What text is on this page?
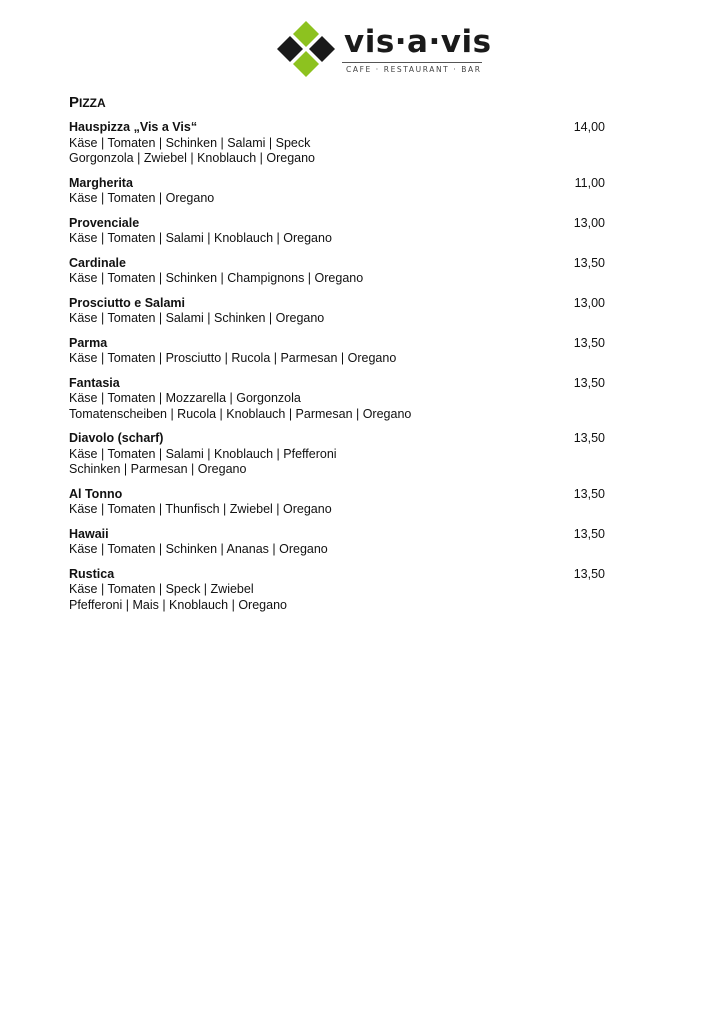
vis·a·vis
CAFE · RESTAURANT · BAR
PIZZA
Hauspizza „Vis a Vis“	14,00
Käse | Tomaten | Schinken | Salami | Speck
Gorgonzola | Zwiebel | Knoblauch | Oregano
Margherita	11,00
Käse | Tomaten | Oregano
Provenciale	13,00
Käse | Tomaten | Salami | Knoblauch | Oregano
Cardinale	13,50
Käse | Tomaten | Schinken | Champignons | Oregano
Prosciutto e Salami	13,00
Käse | Tomaten | Salami | Schinken | Oregano
Parma	13,50
Käse | Tomaten | Prosciutto | Rucola | Parmesan | Oregano
Fantasia	13,50
Käse | Tomaten | Mozzarella | Gorgonzola
Tomatenscheiben | Rucola | Knoblauch | Parmesan | Oregano
Diavolo (scharf)	13,50
Käse | Tomaten | Salami | Knoblauch | Pfefferoni
Schinken | Parmesan | Oregano
Al Tonno	13,50
Käse | Tomaten | Thunfisch | Zwiebel | Oregano
Hawaii	13,50
Käse | Tomaten | Schinken | Ananas | Oregano
Rustica	13,50
Käse | Tomaten | Speck | Zwiebel
Pfefferoni | Mais | Knoblauch | Oregano
